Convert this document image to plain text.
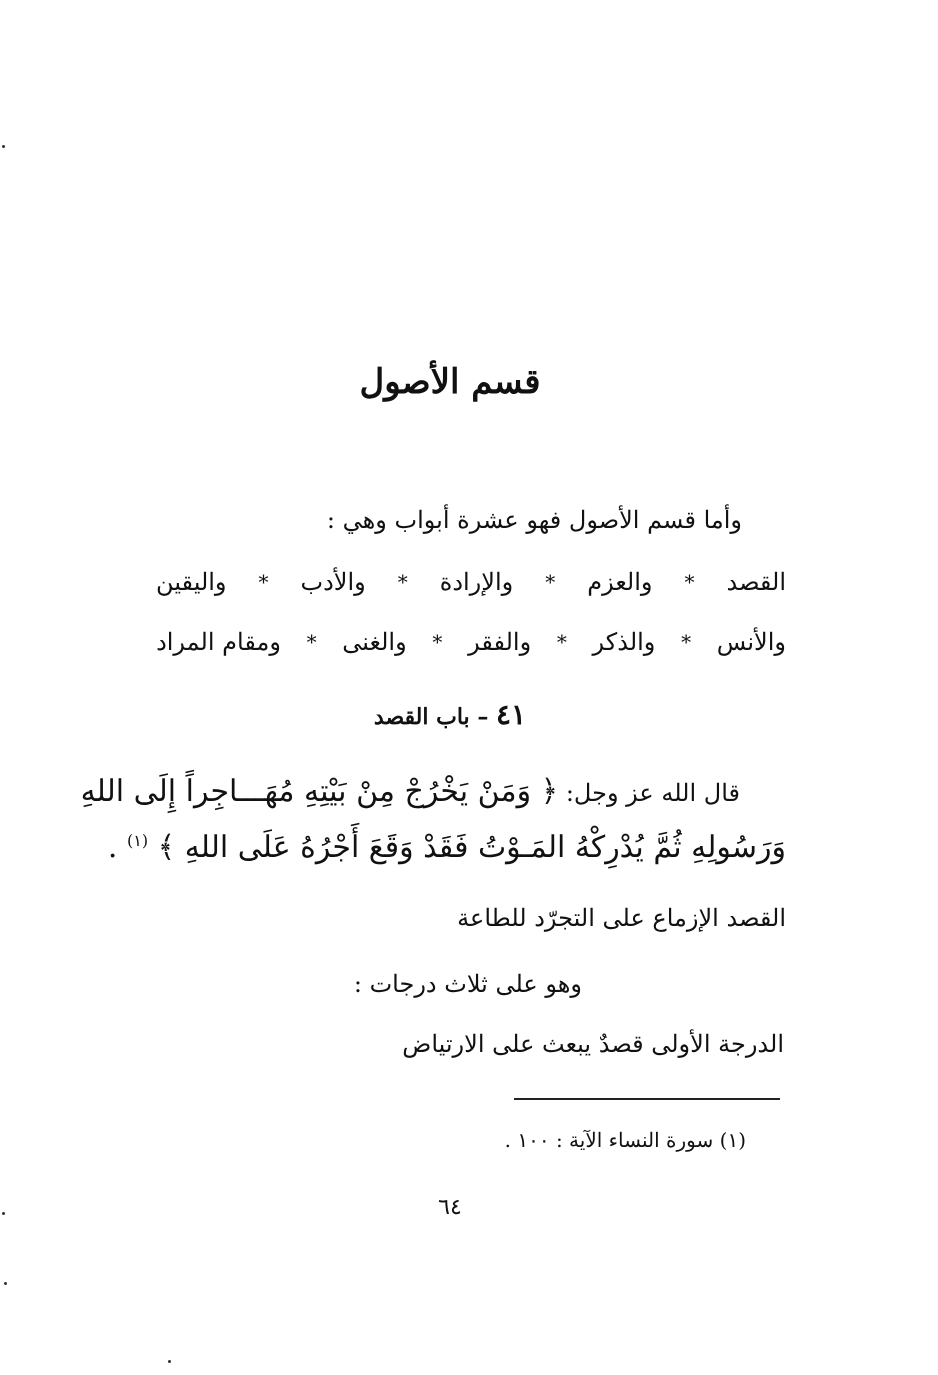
قسم الأصول
وأما قسم الأصول فهو عشرة أبواب وهي :
القصد
*
والعزم
*
والإرادة
*
والأدب
*
واليقين
والأنس
*
والذكر
*
والفقر
*
والغنى
*
ومقام المراد
٤١ – باب القصد
قال الله عز وجل: ﴿ وَمَنْ يَخْرُجْ مِنْ بَيْتِهِ مُهَـــاجِراً إِلَى اللهِ
وَرَسُولِهِ ثُمَّ يُدْرِكْهُ المَـوْتُ فَقَدْ وَقَعَ أَجْرُهُ عَلَى اللهِ ﴾ $^{(١)}$ .
القصد الإزماع على التجرّد للطاعة
وهو على ثلاث درجات :
الدرجة الأولى قصدٌ يبعث على الارتياض
(١) سورة النساء الآية : ١٠٠ .
٦٤
